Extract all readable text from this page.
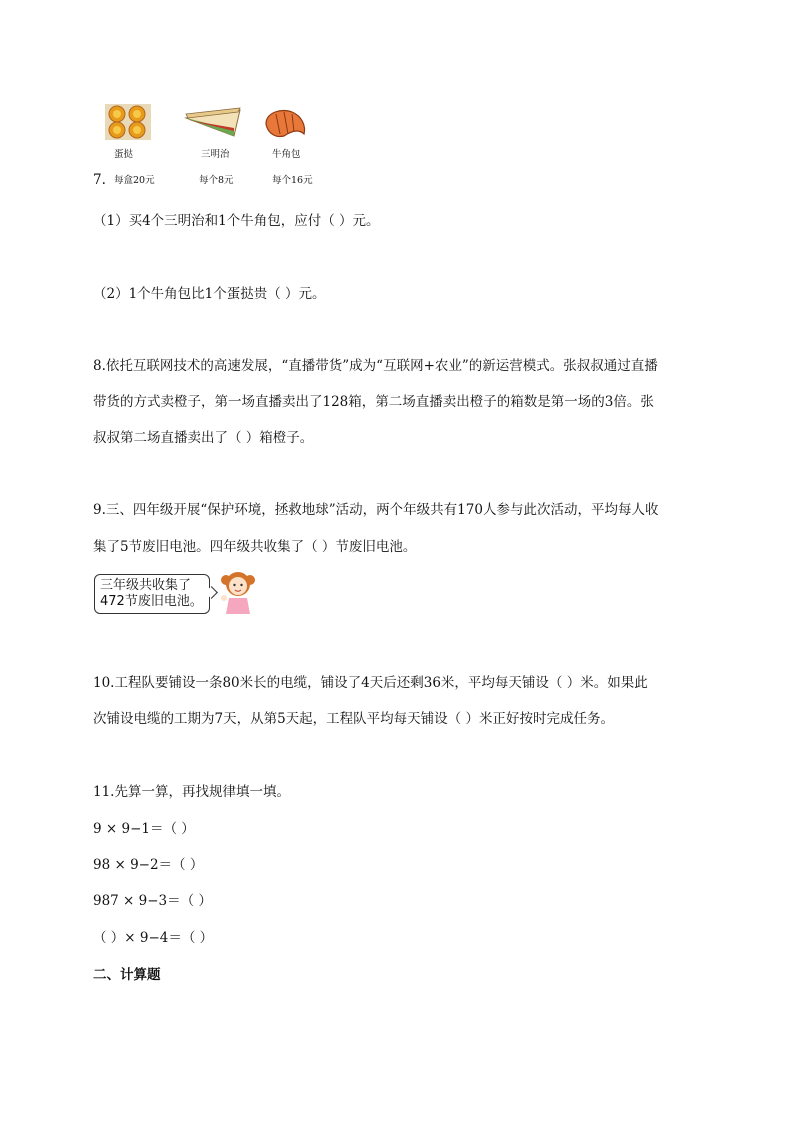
蛋挞	三明治	牛角包
7. 每盒20元	每个8元	每个16元
（1）买4个三明治和1个牛角包，应付（ ）元。
（2）1个牛角包比1个蛋挞贵（ ）元。
8.依托互联网技术的高速发展，“直播带货”成为“互联网+农业”的新运营模式。张叔叔通过直播
带货的方式卖橙子，第一场直播卖出了128箱，第二场直播卖出橙子的箱数是第一场的3倍。张
叔叔第二场直播卖出了（ ）箱橙子。
9.三、四年级开展“保护环境，拯救地球”活动，两个年级共有170人参与此次活动，平均每人收
集了5节废旧电池。四年级共收集了（ ）节废旧电池。
三年级共收集了
472节废旧电池。
10.工程队要铺设一条80米长的电缆，铺设了4天后还剩36米，平均每天铺设（ ）米。如果此
次铺设电缆的工期为7天，从第5天起，工程队平均每天铺设（ ）米正好按时完成任务。
11.先算一算，再找规律填一填。
9 × 9−1＝（ ）
98 × 9−2＝（ ）
987 × 9−3＝（ ）
（ ）× 9−4＝（ ）
二、计算题
